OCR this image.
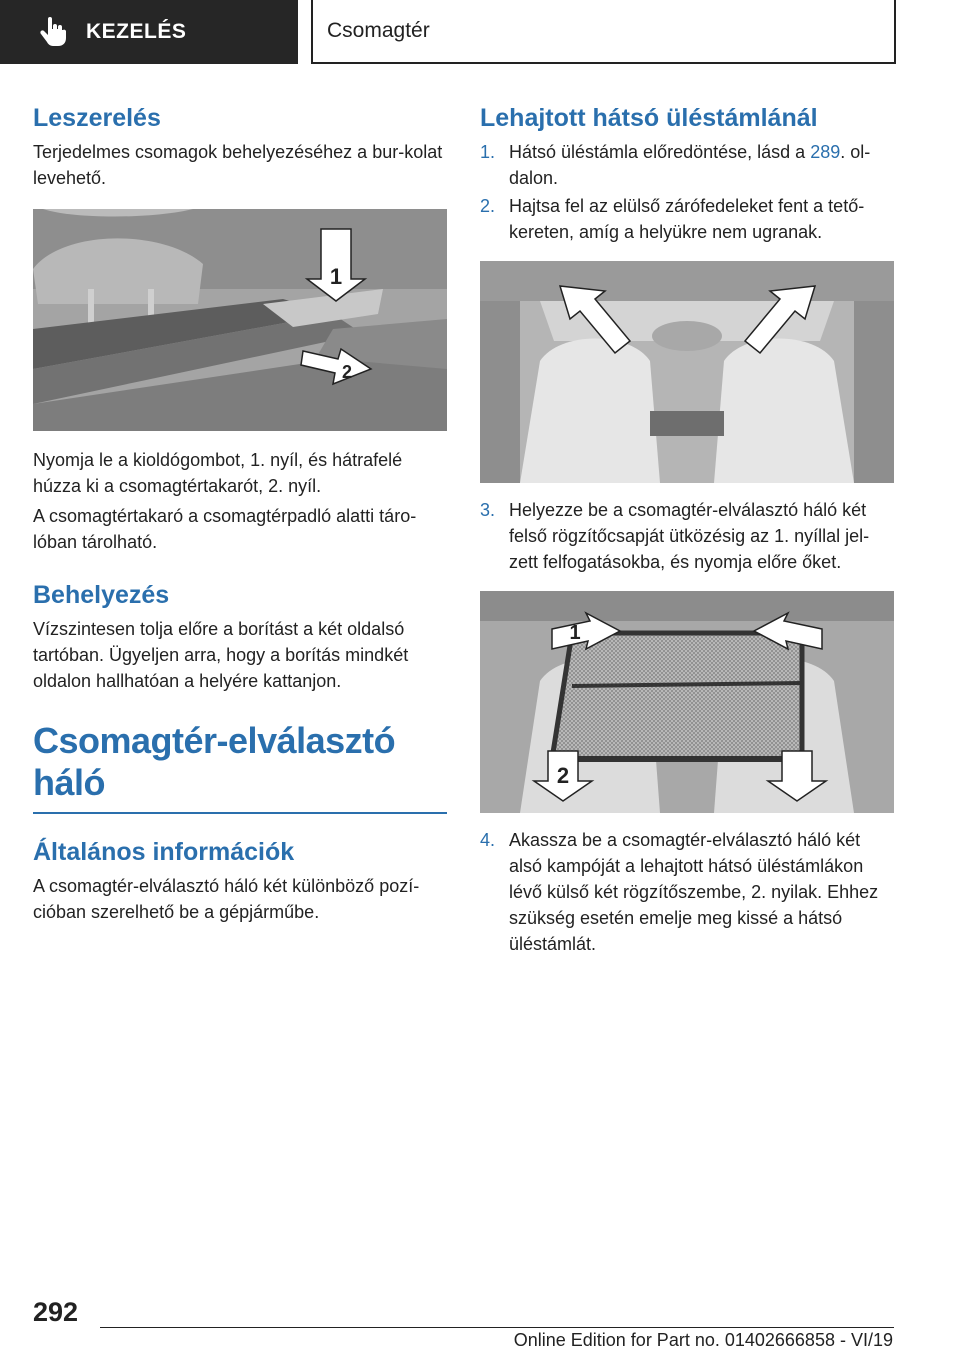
KEZELÉS	Csomagtér
Leszerelés

Terjedelmes csomagok behelyezéséhez a bur-kolat levehető.

1
2

Nyomja le a kioldógombot, 1. nyíl, és hátrafelé húzza ki a csomagtértakarót, 2. nyíl.

A csomagtértakaró a csomagtérpadló alatti táro-lóban tárolható.

Behelyezés

Vízszintesen tolja előre a borítást a két oldalsó tartóban. Ügyeljen arra, hogy a borítás mindkét oldalon hallhatóan a helyére kattanjon.

Csomagtér-elválasztó háló
Általános információk

A csomagtér-elválasztó háló két különböző pozí-cióban szerelhető be a gépjárműbe.

Lehajtott hátsó üléstámlánál
1. Hátsó üléstámla előredöntése, lásd a 289. ol-dalon.
2. Hajtsa fel az elülső zárófedeleket fent a tető-kereten, amíg a helyükre nem ugranak.
3. Helyezze be a csomagtér-elválasztó háló két felső rögzítőcsapját ütközésig az 1. nyíllal jel-zett felfogatásokba, és nyomja előre őket.
1
2
4. Akassza be a csomagtér-elválasztó háló két alsó kampóját a lehajtott hátsó üléstámlákon lévő külső két rögzítőszembe, 2. nyilak. Ehhez szükség esetén emelje meg kissé a hátsó üléstámlát.
292
Online Edition for Part no. 01402666858 - VI/19
